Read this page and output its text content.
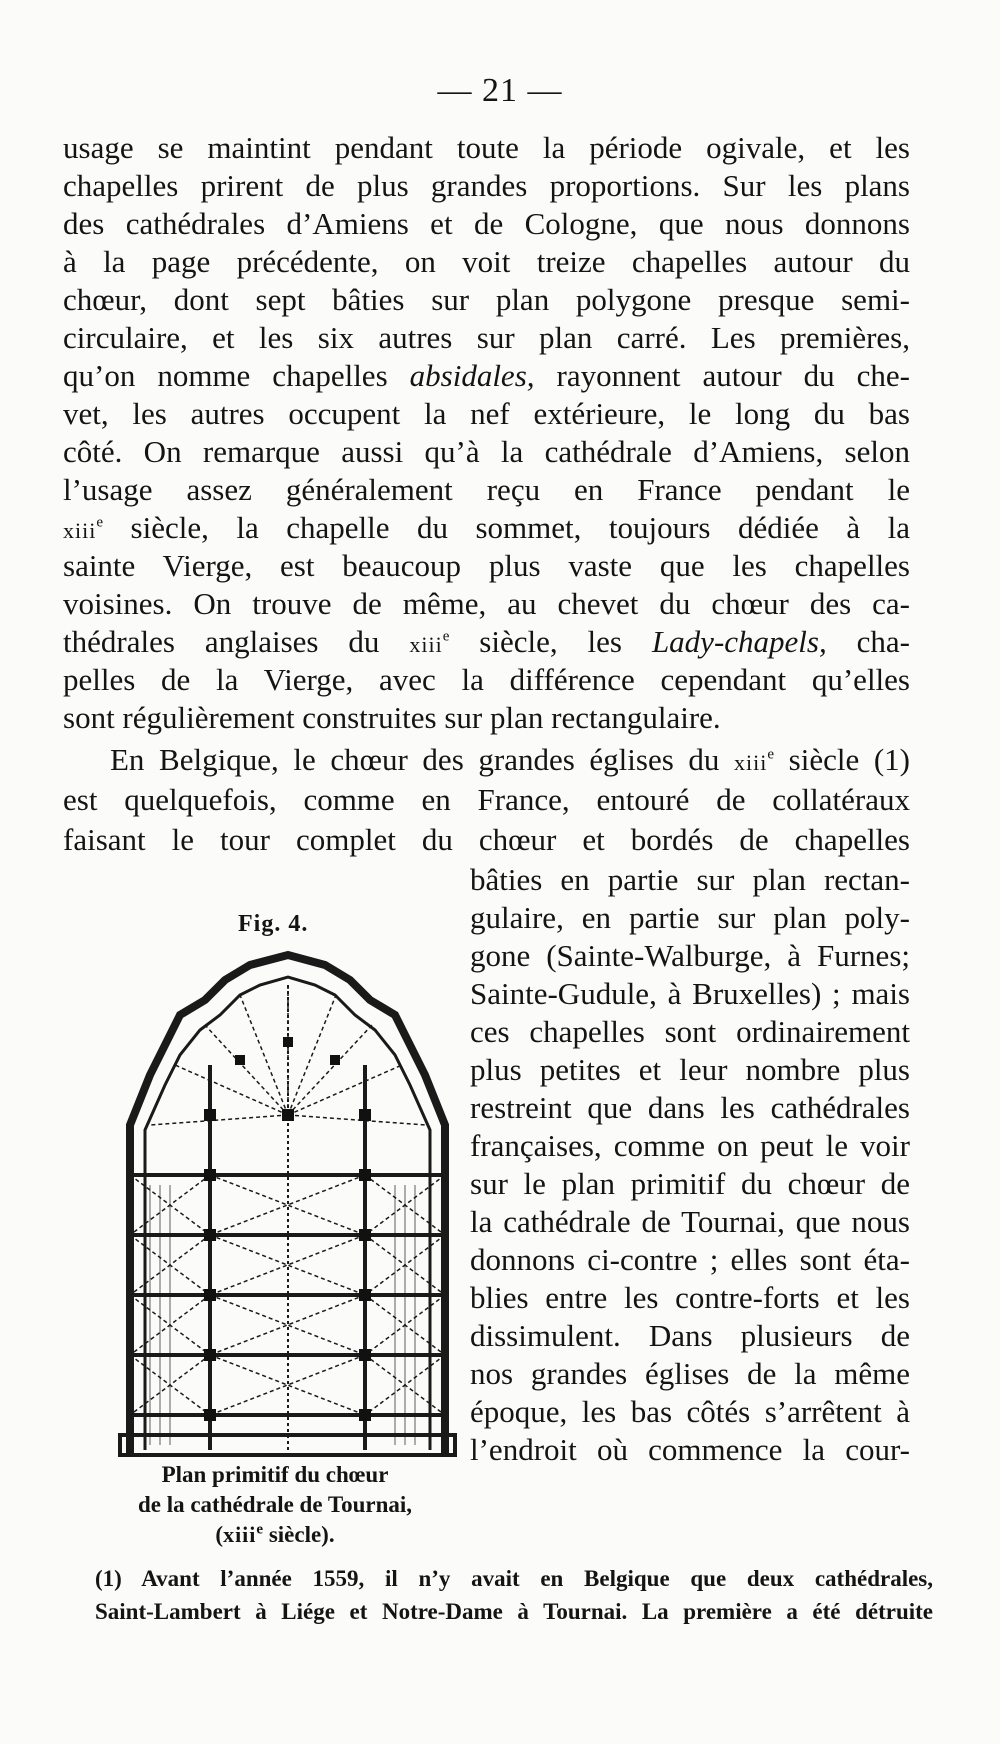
— 21 —
usage se maintint pendant toute la période ogivale, et les
chapelles prirent de plus grandes proportions. Sur les plans
des cathédrales d’Amiens et de Cologne, que nous donnons
à la page précédente, on voit treize chapelles autour du
chœur, dont sept bâties sur plan polygone presque semi-
circulaire, et les six autres sur plan carré. Les premières,
qu’on nomme chapelles absidales, rayonnent autour du che-
vet, les autres occupent la nef extérieure, le long du bas
côté. On remarque aussi qu’à la cathédrale d’Amiens, selon
l’usage assez généralement reçu en France pendant le
xiii$^e$ siècle, la chapelle du sommet, toujours dédiée à la
sainte Vierge, est beaucoup plus vaste que les chapelles
voisines. On trouve de même, au chevet du chœur des ca-
thédrales anglaises du xiii$^e$ siècle, les Lady-chapels, cha-
pelles de la Vierge, avec la différence cependant qu’elles
sont régulièrement construites sur plan rectangulaire.
En Belgique, le chœur des grandes églises du xiii$^e$ siècle (1)
est quelquefois, comme en France, entouré de collatéraux
faisant le tour complet du chœur et bordés de chapelles
Fig. 4.
bâties en partie sur plan rectan-
gulaire, en partie sur plan poly-
gone (Sainte-Walburge, à Furnes;
Sainte-Gudule, à Bruxelles) ; mais
ces chapelles sont ordinairement
plus petites et leur nombre plus
restreint que dans les cathédrales
françaises, comme on peut le voir
sur le plan primitif du chœur de
la cathédrale de Tournai, que nous
donnons ci-contre ; elles sont éta-
blies entre les contre-forts et les
dissimulent. Dans plusieurs de
nos grandes églises de la même
époque, les bas côtés s’arrêtent à
l’endroit où commence la cour-
Plan primitif du chœur
de la cathédrale de Tournai,
(xiii$^e$ siècle).
(1) Avant l’année 1559, il n’y avait en Belgique que deux cathédrales,
Saint-Lambert à Liége et Notre-Dame à Tournai. La première a été détruite
